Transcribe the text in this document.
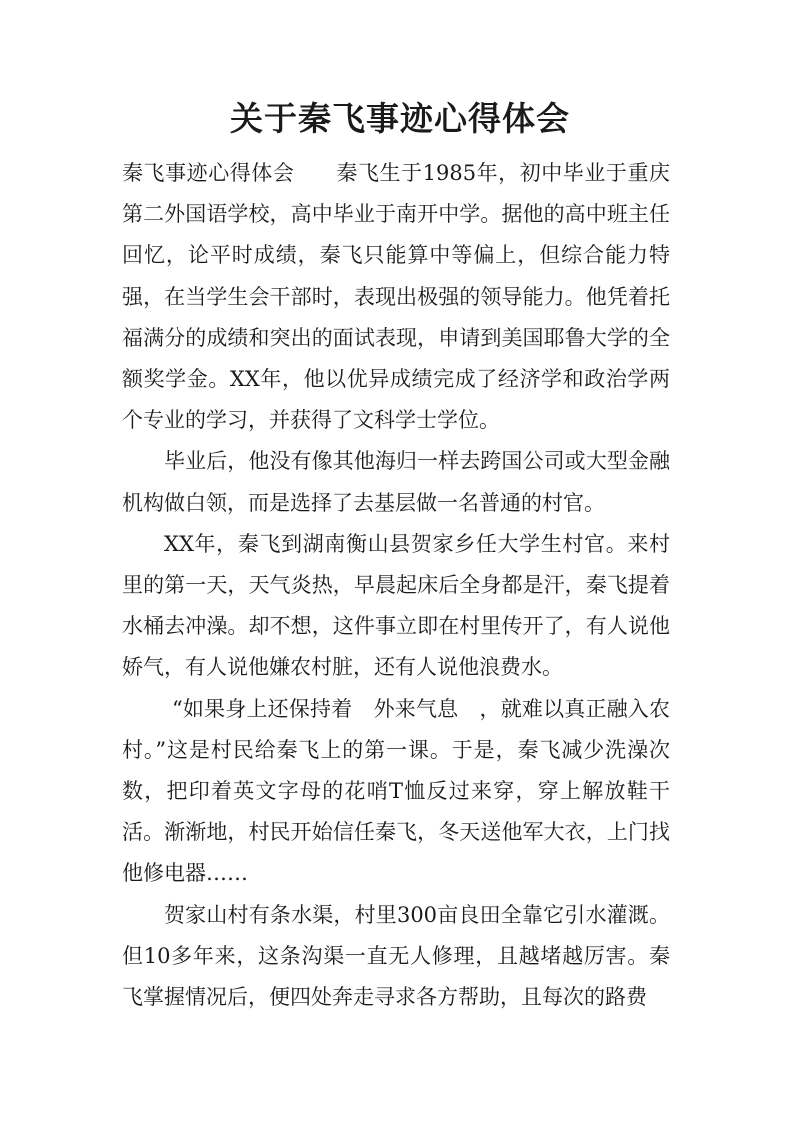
关于秦飞事迹心得体会

秦飞事迹心得体会 秦飞生于1985年，初中毕业于重庆第二外国语学校，高中毕业于南开中学。据他的高中班主任回忆，论平时成绩，秦飞只能算中等偏上，但综合能力特强，在当学生会干部时，表现出极强的领导能力。他凭着托福满分的成绩和突出的面试表现，申请到美国耶鲁大学的全额奖学金。XX年，他以优异成绩完成了经济学和政治学两个专业的学习，并获得了文科学士学位。

毕业后，他没有像其他海归一样去跨国公司或大型金融机构做白领，而是选择了去基层做一名普通的村官。

XX年，秦飞到湖南衡山县贺家乡任大学生村官。来村里的第一天，天气炎热，早晨起床后全身都是汗，秦飞提着水桶去冲澡。却不想，这件事立即在村里传开了，有人说他娇气，有人说他嫌农村脏，还有人说他浪费水。

“如果身上还保持着　外来气息　，就难以真正融入农村。”这是村民给秦飞上的第一课。于是，秦飞减少洗澡次数，把印着英文字母的花哨T恤反过来穿，穿上解放鞋干活。渐渐地，村民开始信任秦飞，冬天送他军大衣，上门找他修电器……

贺家山村有条水渠，村里300亩良田全靠它引水灌溉。但10多年来，这条沟渠一直无人修理，且越堵越厉害。秦飞掌握情况后，便四处奔走寻求各方帮助，且每次的路费
